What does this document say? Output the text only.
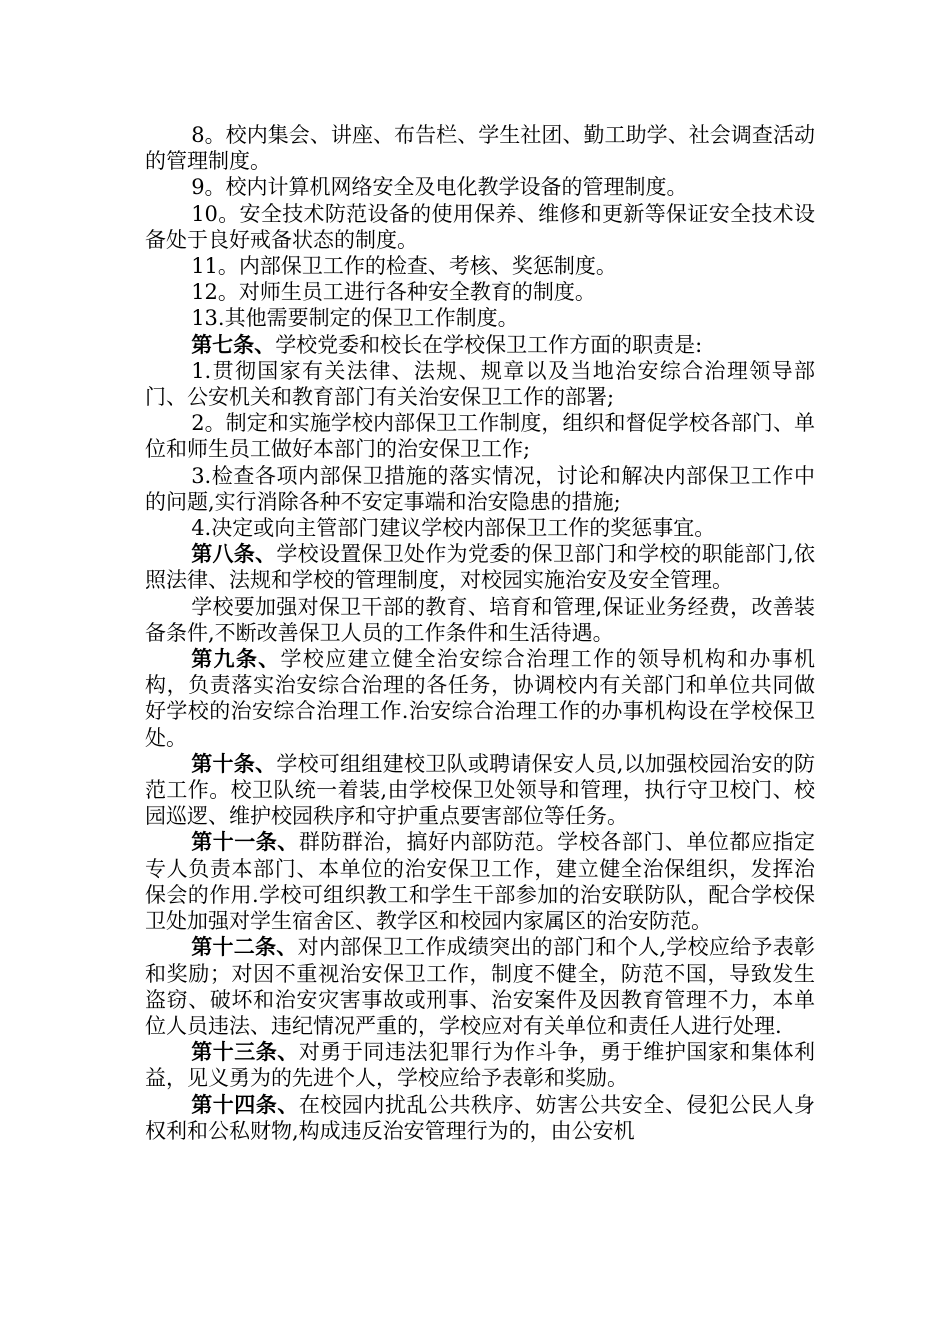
8。校内集会、讲座、布告栏、学生社团、勤工助学、社会调查活动的管理制度。

9。校内计算机网络安全及电化教学设备的管理制度。

10。安全技术防范设备的使用保养、维修和更新等保证安全技术设备处于良好戒备状态的制度。

11。内部保卫工作的检查、考核、奖惩制度。

12。对师生员工进行各种安全教育的制度。

13.其他需要制定的保卫工作制度。

第七条、学校党委和校长在学校保卫工作方面的职责是:

1.贯彻国家有关法律、法规、规章以及当地治安综合治理领导部门、公安机关和教育部门有关治安保卫工作的部署;

2。制定和实施学校内部保卫工作制度，组织和督促学校各部门、单位和师生员工做好本部门的治安保卫工作;

3.检查各项内部保卫措施的落实情况，讨论和解决内部保卫工作中的问题,实行消除各种不安定事端和治安隐患的措施;

4.决定或向主管部门建议学校内部保卫工作的奖惩事宜。

第八条、学校设置保卫处作为党委的保卫部门和学校的职能部门,依照法律、法规和学校的管理制度，对校园实施治安及安全管理。

学校要加强对保卫干部的教育、培育和管理,保证业务经费，改善装备条件,不断改善保卫人员的工作条件和生活待遇。

第九条、学校应建立健全治安综合治理工作的领导机构和办事机构，负责落实治安综合治理的各任务，协调校内有关部门和单位共同做好学校的治安综合治理工作.治安综合治理工作的办事机构设在学校保卫处。

第十条、学校可组组建校卫队或聘请保安人员,以加强校园治安的防范工作。校卫队统一着装,由学校保卫处领导和管理，执行守卫校门、校园巡逻、维护校园秩序和守护重点要害部位等任务。

第十一条、群防群治，搞好内部防范。学校各部门、单位都应指定专人负责本部门、本单位的治安保卫工作，建立健全治保组织，发挥治保会的作用.学校可组织教工和学生干部参加的治安联防队，配合学校保卫处加强对学生宿舍区、教学区和校园内家属区的治安防范。

第十二条、对内部保卫工作成绩突出的部门和个人,学校应给予表彰和奖励；对因不重视治安保卫工作，制度不健全，防范不国，导致发生盗窃、破坏和治安灾害事故或刑事、治安案件及因教育管理不力，本单位人员违法、违纪情况严重的，学校应对有关单位和责任人进行处理.

第十三条、对勇于同违法犯罪行为作斗争，勇于维护国家和集体利益，见义勇为的先进个人，学校应给予表彰和奖励。

第十四条、在校园内扰乱公共秩序、妨害公共安全、侵犯公民人身权利和公私财物,构成违反治安管理行为的，由公安机
